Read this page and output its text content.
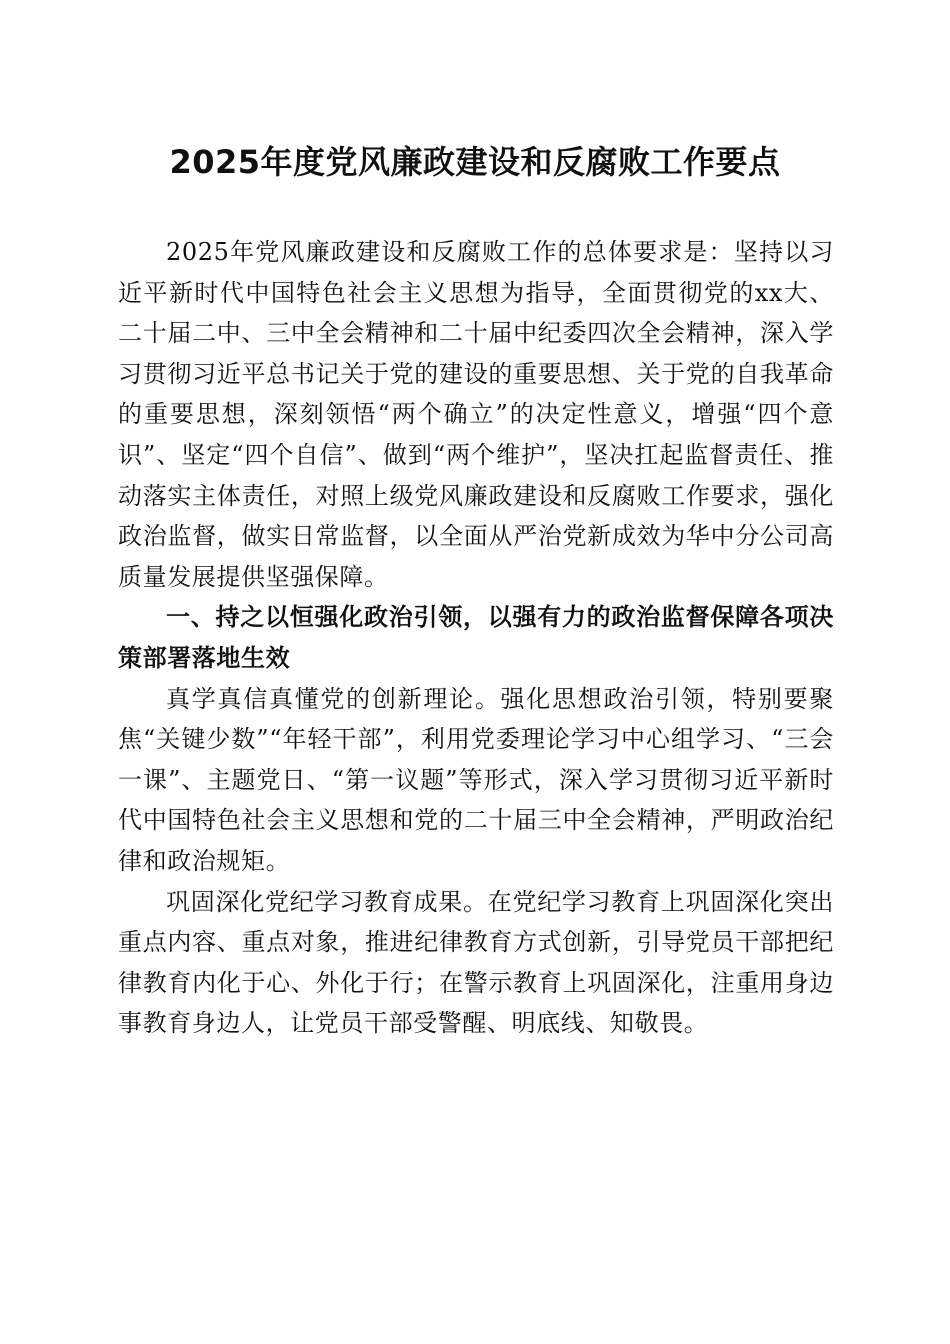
2025年度党风廉政建设和反腐败工作要点

2025年党风廉政建设和反腐败工作的总体要求是：坚持以习近平新时代中国特色社会主义思想为指导，全面贯彻党的xx大、二十届二中、三中全会精神和二十届中纪委四次全会精神，深入学习贯彻习近平总书记关于党的建设的重要思想、关于党的自我革命的重要思想，深刻领悟“两个确立”的决定性意义，增强“四个意识”、坚定“四个自信”、做到“两个维护”，坚决扛起监督责任、推动落实主体责任，对照上级党风廉政建设和反腐败工作要求，强化政治监督，做实日常监督，以全面从严治党新成效为华中分公司高质量发展提供坚强保障。

一、持之以恒强化政治引领，以强有力的政治监督保障各项决策部署落地生效

真学真信真懂党的创新理论。强化思想政治引领，特别要聚焦“关键少数”“年轻干部”，利用党委理论学习中心组学习、“三会一课”、主题党日、“第一议题”等形式，深入学习贯彻习近平新时代中国特色社会主义思想和党的二十届三中全会精神，严明政治纪律和政治规矩。

巩固深化党纪学习教育成果。在党纪学习教育上巩固深化突出重点内容、重点对象，推进纪律教育方式创新，引导党员干部把纪律教育内化于心、外化于行；在警示教育上巩固深化，注重用身边事教育身边人，让党员干部受警醒、明底线、知敬畏。
